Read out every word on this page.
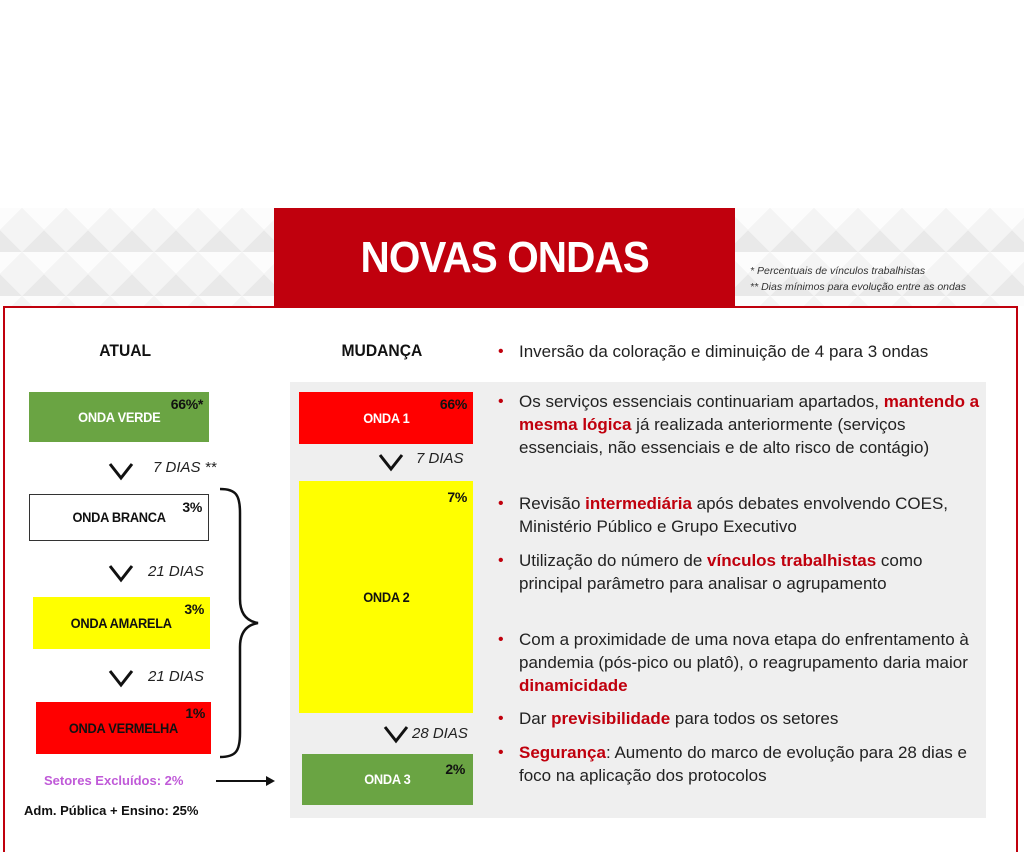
NOVAS ONDAS	* Percentuais de vínculos trabalhistas
** Dias mínimos para evolução entre as ondas
ATUAL	MUDANÇA
ONDA VERDE
66%*
7 DIAS **
ONDA BRANCA
3%
21 DIAS
ONDA AMARELA
3%
21 DIAS
ONDA VERMELHA
1%
Setores Excluídos: 2%
Adm. Pública + Ensino: 25%
ONDA 1
66%
7 DIAS
ONDA 2
7%
28 DIAS
ONDA 3
2%
• Inversão da coloração e diminuição de 4 para 3 ondas
• Os serviços essenciais continuariam apartados, mantendo a mesma lógica já realizada anteriormente (serviços essenciais, não essenciais e de alto risco de contágio)
• Revisão intermediária após debates envolvendo COES, Ministério Público e Grupo Executivo
• Utilização do número de vínculos trabalhistas como principal parâmetro para analisar o agrupamento
• Com a proximidade de uma nova etapa do enfrentamento à pandemia (pós-pico ou platô), o reagrupamento daria maior dinamicidade
• Dar previsibilidade para todos os setores
• Segurança: Aumento do marco de evolução para 28 dias e foco na aplicação dos protocolos
